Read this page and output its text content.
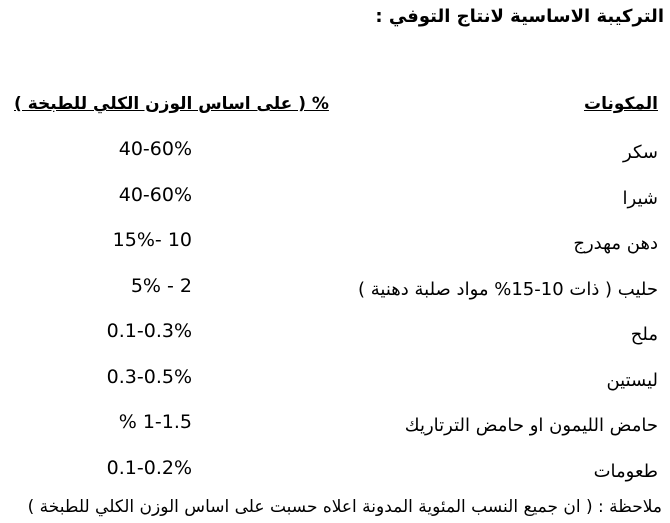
التركيبة الاساسية لانتاج التوفي :
المكونات
% ( على اساس الوزن الكلي للطبخة )
سكر
40-60%
شيرا
40-60%
دهن مهدرج
10 -15%
حليب ( ذات 10-15% مواد صلبة دهنية )
2 - 5%
ملح
0.1-0.3%
ليستين
0.3-0.5%
حامض الليمون او حامض الترتاريك
1-1.5 %
طعومات
0.1-0.2%
ملاحظة : ( ان جميع النسب المئوية المدونة اعلاه حسبت على اساس الوزن الكلي للطبخة )
